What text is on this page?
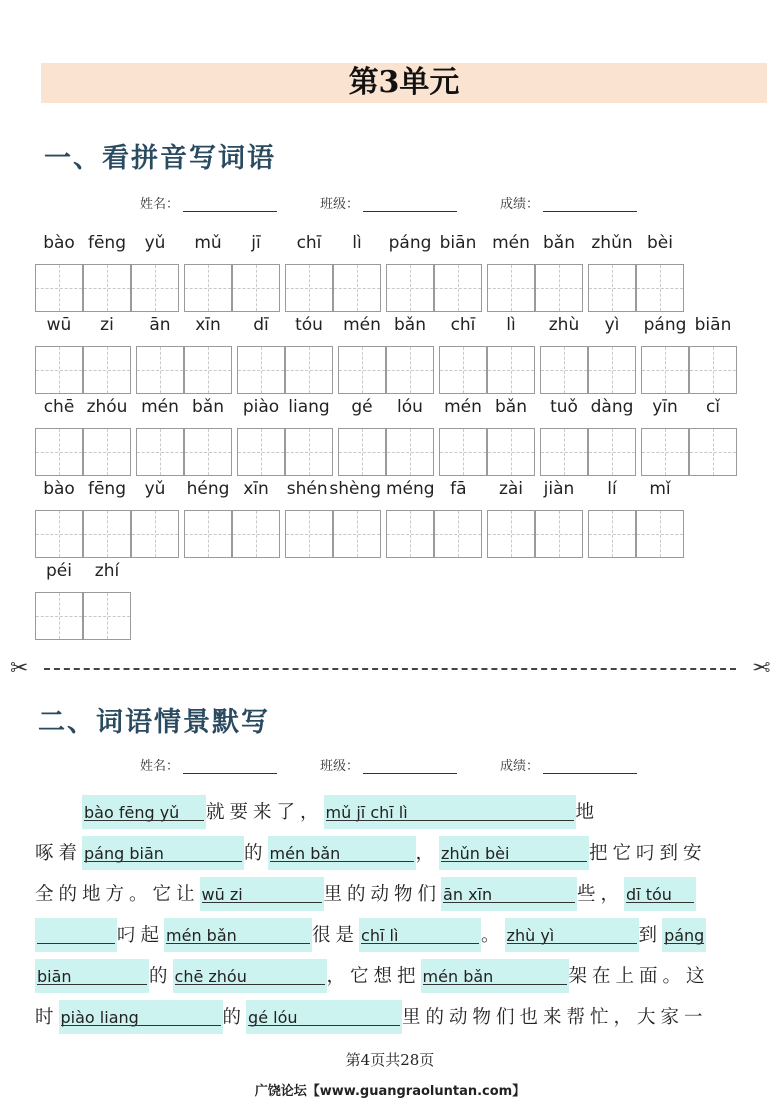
第3单元
一、看拼音写词语
姓名：	班级：	成绩：
bào fēng	yǔ	mǔ	jī	chī	lì	páng biān mén bǎn zhǔn bèi
wū	zi	ān	xīn	dī	tóu	mén bǎn	chī	lì	zhù	yì	páng biān
chē zhóu mén bǎn	piào liang	gé	lóu	mén bǎn	tuǒ dàng	yīn	cǐ
bào fēng	yǔ	héng xīn	shén shèng méng fā	zài	jiàn	lí	mǐ
péi	zhí
✂	✂
二、词语情景默写
姓名：	班级：	成绩：
　　bào fēng yǔ 就要来了， mǔ jī chī lì	地
啄着 páng biān	的 mén bǎn	， zhǔn bèi	把它叼到安
全的地方。它让 wū zi	里的动物们 ān xīn	些， dī tóu
叼起 mén bǎn	很是 chī lì	。 zhù yì	到 páng
biān	的 chē zhóu	，它想把 mén bǎn	架在上面。这
时 piào liang	的 gé lóu	里的动物们也来帮忙，大家一
第4页共28页
广饶论坛【www.guangraoluntan.com】
